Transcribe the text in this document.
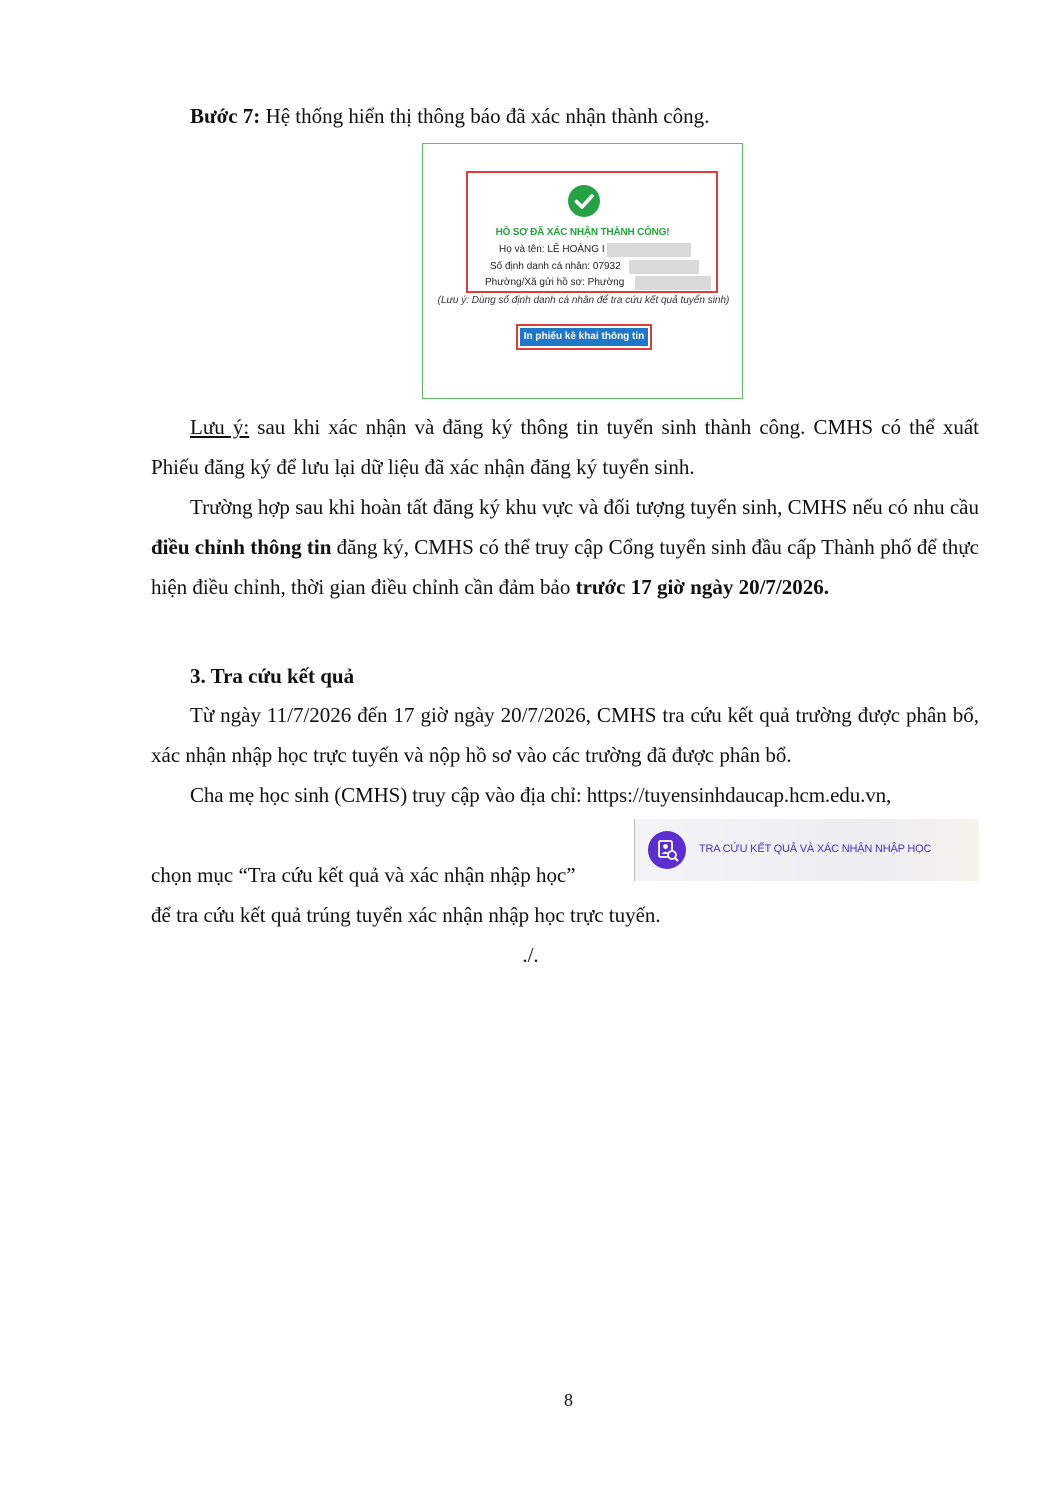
Bước 7: Hệ thống hiển thị thông báo đã xác nhận thành công.

HỒ SƠ ĐÃ XÁC NHẬN THÀNH CÔNG!
Họ và tên: LÊ HOÀNG I
Số định danh cá nhân: 07932
Phường/Xã gửi hồ sơ: Phường
(Lưu ý: Dùng số định danh cá nhân để tra cứu kết quả tuyển sinh)
In phiếu kê khai thông tin

Lưu ý: sau khi xác nhận và đăng ký thông tin tuyển sinh thành công. CMHS có thể xuất Phiếu đăng ký để lưu lại dữ liệu đã xác nhận đăng ký tuyển sinh.

Trường hợp sau khi hoàn tất đăng ký khu vực và đối tượng tuyển sinh, CMHS nếu có nhu cầu điều chỉnh thông tin đăng ký, CMHS có thể truy cập Cổng tuyển sinh đầu cấp Thành phố để thực hiện điều chỉnh, thời gian điều chỉnh cần đảm bảo trước 17 giờ ngày 20/7/2026.

3. Tra cứu kết quả

Từ ngày 11/7/2026 đến 17 giờ ngày 20/7/2026, CMHS tra cứu kết quả trường được phân bổ, xác nhận nhập học trực tuyến và nộp hồ sơ vào các trường đã được phân bổ.

Cha mẹ học sinh (CMHS) truy cập vào địa chỉ: https://tuyensinhdaucap.hcm.edu.vn,

chọn mục “Tra cứu kết quả và xác nhận nhập học”

TRA CỨU KẾT QUẢ VÀ XÁC NHẬN NHẬP HỌC

để tra cứu kết quả trúng tuyển xác nhận nhập học trực tuyến.

./.
8
